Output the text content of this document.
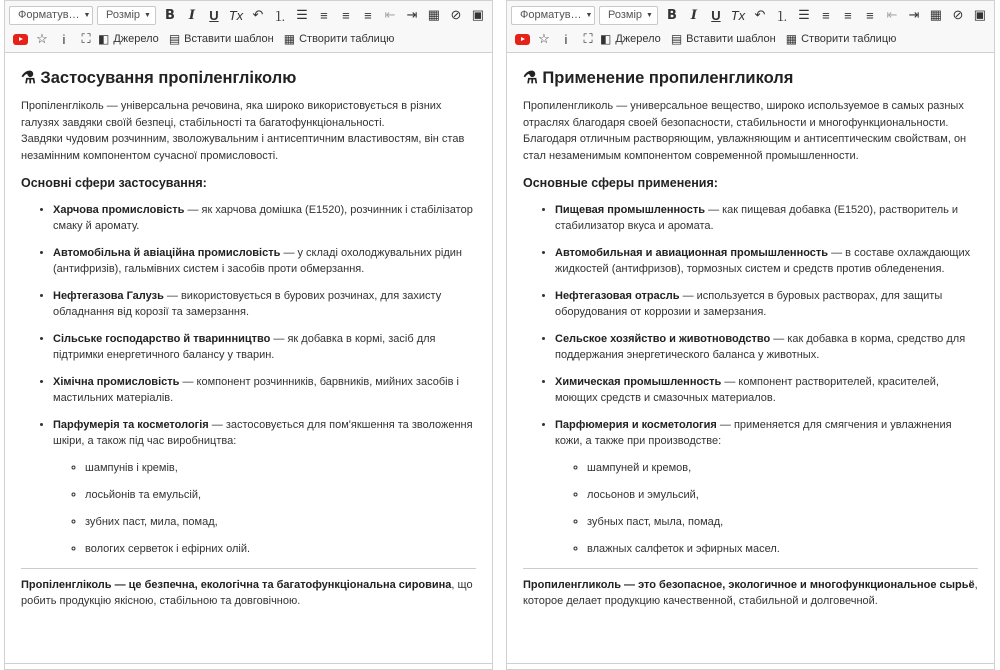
Форматув… ▼ Розмір ▼	B	I	U Tx ↶ ⒈ ☰ ≡	≡	≡ ⇤ ⇥ ▦ ⊘ ▣
☆	i	⛶ ◧ Джерело ▤ Вставити шаблон ▦ Створити таблицю
⚗ Застосування пропіленгліколю

Пропіленгліколь — універсальна речовина, яка широко використовується в різних галузях завдяки своїй безпеці, стабільності та багатофункціональності.
Завдяки чудовим розчинним, зволожувальним і антисептичним властивостям, він став незамінним компонентом сучасної промисловості.

Основні сфери застосування:
• Харчова промисловість — як харчова домішка (E1520), розчинник і стабілізатор смаку й аромату.
• Автомобільна й авіаційна промисловість — у складі охолоджувальних рідин (антифризів), гальмівних систем і засобів проти обмерзання.
• Нефтегазова Галузь — використовується в бурових розчинах, для захисту обладнання від корозії та замерзання.
• Сільське господарство й тваринництво — як добавка в кормі, засіб для підтримки енергетичного балансу у тварин.
• Хімічна промисловість — компонент розчинників, барвників, мийних засобів і мастильних матеріалів.
• Парфумерія та косметологія — застосовується для пом'якшення та зволоження шкіри, а також під час виробництва:
◦ шампунів і кремів,
◦ лосьйонів та емульсій,
◦ зубних паст, мила, помад,
◦ вологих серветок і ефірних олій.

Пропіленгліколь — це безпечна, екологічна та багатофункціональна сировина, що робить продукцію якісною, стабільною та довговічною.

Форматув… ▼ Розмір ▼	B	I	U Tx ↶ ⒈ ☰ ≡	≡	≡ ⇤ ⇥ ▦ ⊘ ▣
☆	i	⛶ ◧ Джерело ▤ Вставити шаблон ▦ Створити таблицю
⚗ Применение пропиленгликоля

Пропиленгликоль — универсальное вещество, широко используемое в самых разных отраслях благодаря своей безопасности, стабильности и многофункциональности.
Благодаря отличным растворяющим, увлажняющим и антисептическим свойствам, он стал незаменимым компонентом современной промышленности.

Основные сферы применения:
• Пищевая промышленность — как пищевая добавка (E1520), растворитель и стабилизатор вкуса и аромата.
• Автомобильная и авиационная промышленность — в составе охлаждающих жидкостей (антифризов), тормозных систем и средств против обледенения.
• Нефтегазовая отрасль — используется в буровых растворах, для защиты оборудования от коррозии и замерзания.
• Сельское хозяйство и животноводство — как добавка в корма, средство для поддержания энергетического баланса у животных.
• Химическая промышленность — компонент растворителей, красителей, моющих средств и смазочных материалов.
• Парфюмерия и косметология — применяется для смягчения и увлажнения кожи, а также при производстве:
◦ шампуней и кремов,
◦ лосьонов и эмульсий,
◦ зубных паст, мыла, помад,
◦ влажных салфеток и эфирных масел.

Пропиленгликоль — это безопасное, экологичное и многофункциональное сырьё, которое делает продукцию качественной, стабильной и долговечной.
